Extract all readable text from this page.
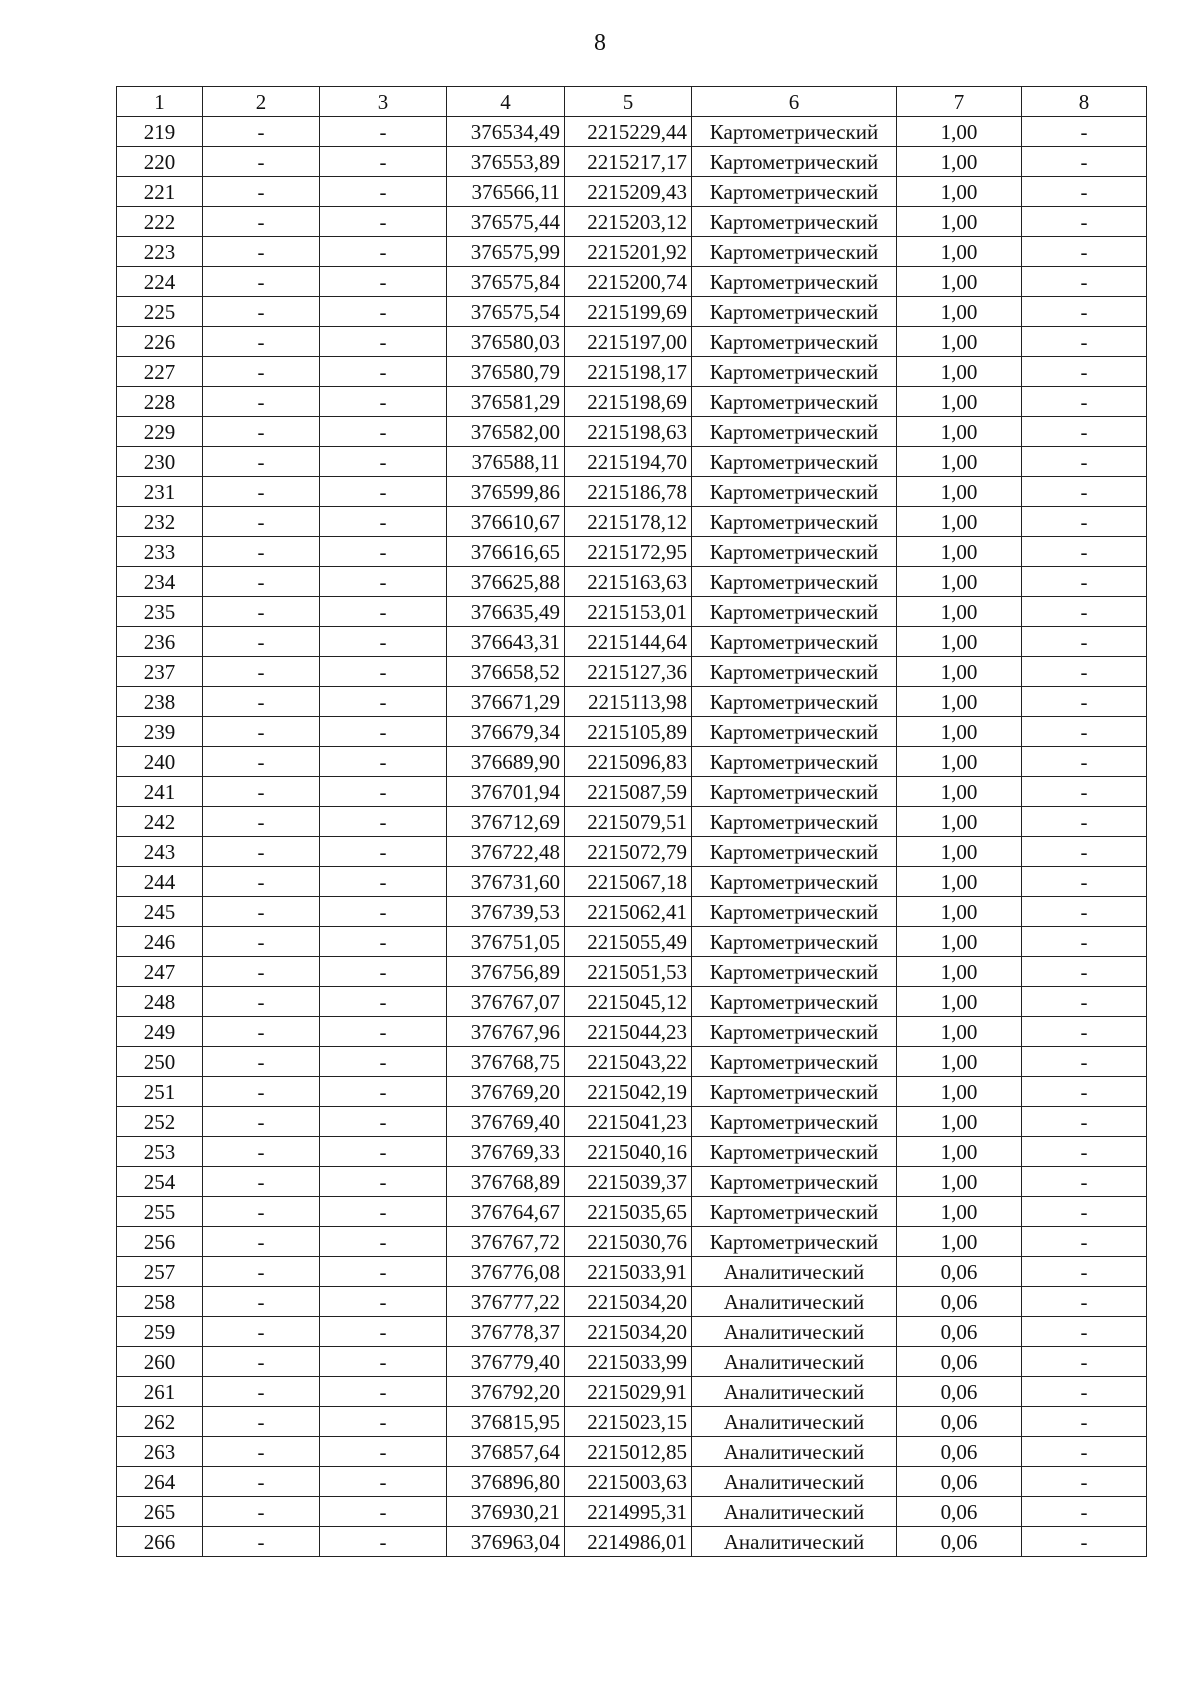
8
1	2	3	4	5	6	7	8
219	-	-	376534,49	2215229,44	Картометрический	1,00	-
220	-	-	376553,89	2215217,17	Картометрический	1,00	-
221	-	-	376566,11	2215209,43	Картометрический	1,00	-
222	-	-	376575,44	2215203,12	Картометрический	1,00	-
223	-	-	376575,99	2215201,92	Картометрический	1,00	-
224	-	-	376575,84	2215200,74	Картометрический	1,00	-
225	-	-	376575,54	2215199,69	Картометрический	1,00	-
226	-	-	376580,03	2215197,00	Картометрический	1,00	-
227	-	-	376580,79	2215198,17	Картометрический	1,00	-
228	-	-	376581,29	2215198,69	Картометрический	1,00	-
229	-	-	376582,00	2215198,63	Картометрический	1,00	-
230	-	-	376588,11	2215194,70	Картометрический	1,00	-
231	-	-	376599,86	2215186,78	Картометрический	1,00	-
232	-	-	376610,67	2215178,12	Картометрический	1,00	-
233	-	-	376616,65	2215172,95	Картометрический	1,00	-
234	-	-	376625,88	2215163,63	Картометрический	1,00	-
235	-	-	376635,49	2215153,01	Картометрический	1,00	-
236	-	-	376643,31	2215144,64	Картометрический	1,00	-
237	-	-	376658,52	2215127,36	Картометрический	1,00	-
238	-	-	376671,29	2215113,98	Картометрический	1,00	-
239	-	-	376679,34	2215105,89	Картометрический	1,00	-
240	-	-	376689,90	2215096,83	Картометрический	1,00	-
241	-	-	376701,94	2215087,59	Картометрический	1,00	-
242	-	-	376712,69	2215079,51	Картометрический	1,00	-
243	-	-	376722,48	2215072,79	Картометрический	1,00	-
244	-	-	376731,60	2215067,18	Картометрический	1,00	-
245	-	-	376739,53	2215062,41	Картометрический	1,00	-
246	-	-	376751,05	2215055,49	Картометрический	1,00	-
247	-	-	376756,89	2215051,53	Картометрический	1,00	-
248	-	-	376767,07	2215045,12	Картометрический	1,00	-
249	-	-	376767,96	2215044,23	Картометрический	1,00	-
250	-	-	376768,75	2215043,22	Картометрический	1,00	-
251	-	-	376769,20	2215042,19	Картометрический	1,00	-
252	-	-	376769,40	2215041,23	Картометрический	1,00	-
253	-	-	376769,33	2215040,16	Картометрический	1,00	-
254	-	-	376768,89	2215039,37	Картометрический	1,00	-
255	-	-	376764,67	2215035,65	Картометрический	1,00	-
256	-	-	376767,72	2215030,76	Картометрический	1,00	-
257	-	-	376776,08	2215033,91	Аналитический	0,06	-
258	-	-	376777,22	2215034,20	Аналитический	0,06	-
259	-	-	376778,37	2215034,20	Аналитический	0,06	-
260	-	-	376779,40	2215033,99	Аналитический	0,06	-
261	-	-	376792,20	2215029,91	Аналитический	0,06	-
262	-	-	376815,95	2215023,15	Аналитический	0,06	-
263	-	-	376857,64	2215012,85	Аналитический	0,06	-
264	-	-	376896,80	2215003,63	Аналитический	0,06	-
265	-	-	376930,21	2214995,31	Аналитический	0,06	-
266	-	-	376963,04	2214986,01	Аналитический	0,06	-
